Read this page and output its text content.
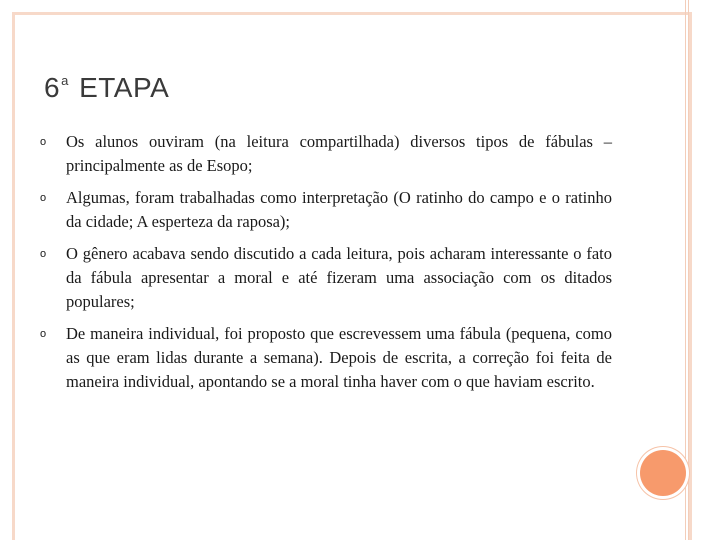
6$^a$ ETAPA
o Os alunos ouviram (na leitura compartilhada) diversos tipos de fábulas – principalmente as de Esopo;
o Algumas, foram trabalhadas como interpretação (O ratinho do campo e o ratinho da cidade; A esperteza da raposa);
o O gênero acabava sendo discutido a cada leitura, pois acharam interessante o fato da fábula apresentar a moral e até fizeram uma associação com os ditados populares;
o De maneira individual, foi proposto que escrevessem uma fábula (pequena, como as que eram lidas durante a semana). Depois de escrita, a correção foi feita de maneira individual, apontando se a moral tinha haver com o que haviam escrito.
